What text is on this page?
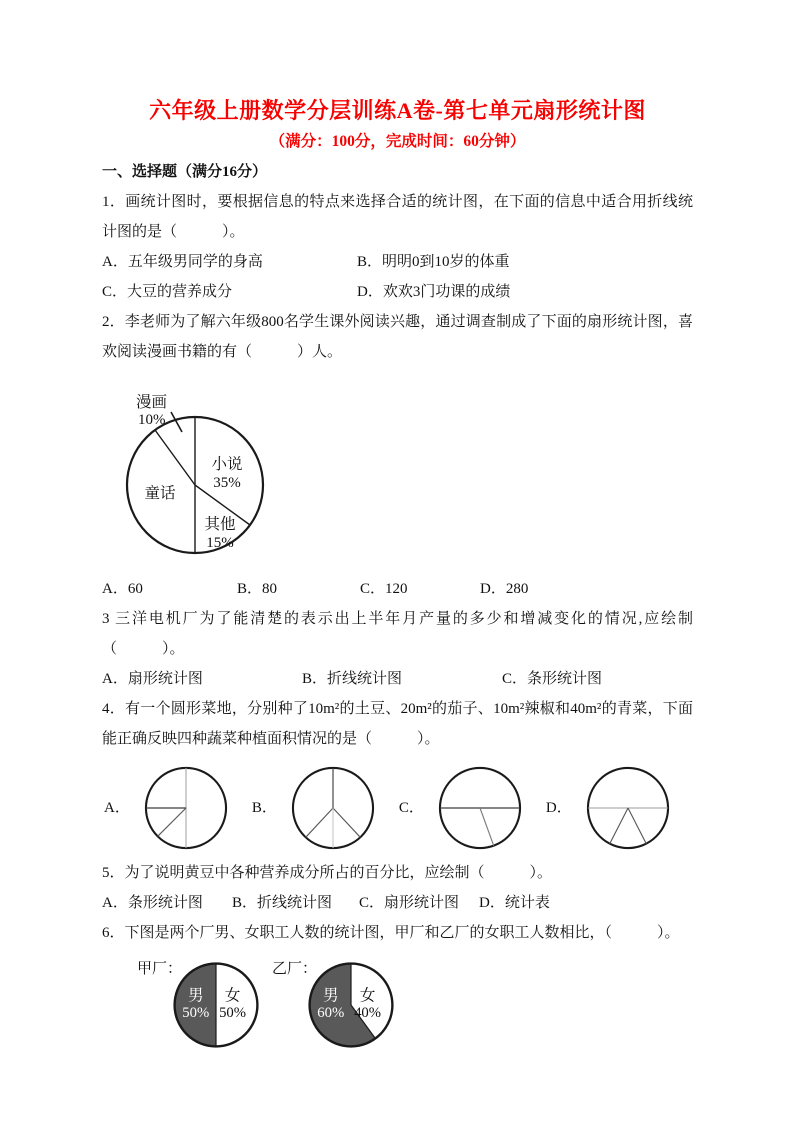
六年级上册数学分层训练A卷-第七单元扇形统计图
（满分：100分，完成时间：60分钟）
一、选择题（满分16分）

1．画统计图时，要根据信息的特点来选择合适的统计图，在下面的信息中适合用折线统计图的是（　　　）。

A．五年级男同学的身高	B．明明0到10岁的体重
C．大豆的营养成分	D．欢欢3门功课的成绩

2．李老师为了解六年级800名学生课外阅读兴趣，通过调查制成了下面的扇形统计图，喜欢阅读漫画书籍的有（　　　）人。

小说
35%
其他
15%
童话
漫画
10%
A．60	B．80	C．120	D．280

3 三洋电机厂为了能清楚的表示出上半年月产量的多少和增减变化的情况,应绘制（　　　）。

A．扇形统计图	B．折线统计图	C．条形统计图

4．有一个圆形菜地，分别种了10m²的土豆、20m²的茄子、10m²辣椒和40m²的青菜，下面能正确反映四种蔬菜种植面积情况的是（　　　）。

A．	B．	C．	D．

5．为了说明黄豆中各种营养成分所占的百分比，应绘制（　　　）。

A．条形统计图	B．折线统计图	C．扇形统计图	D．统计表

6．下图是两个厂男、女职工人数的统计图，甲厂和乙厂的女职工人数相比，（　　　）。

甲厂：
男
50%
女
50%
乙厂：
男
60%
女
40%
